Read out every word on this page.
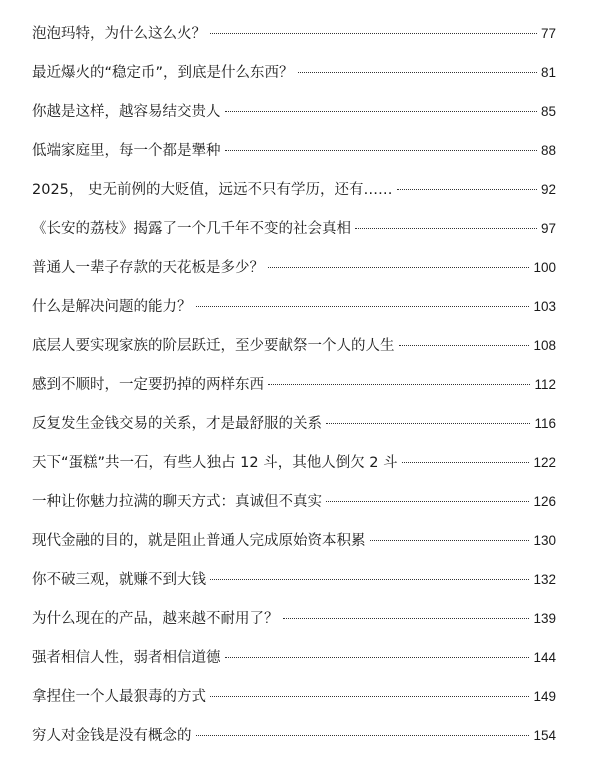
泡泡玛特，为什么这么火？	77
最近爆火的“稳定币”，到底是什么东西？	81
你越是这样，越容易结交贵人	85
低端家庭里，每一个都是犟种	88
2025， 史无前例的大贬值，远远不只有学历，还有……	92
《长安的荔枝》揭露了一个几千年不变的社会真相	97
普通人一辈子存款的天花板是多少？	100
什么是解决问题的能力？	103
底层人要实现家族的阶层跃迁，至少要献祭一个人的人生	108
感到不顺时，一定要扔掉的两样东西	112
反复发生金钱交易的关系，才是最舒服的关系	116
天下“蛋糕”共一石，有些人独占 12 斗，其他人倒欠 2 斗	122
一种让你魅力拉满的聊天方式：真诚但不真实	126
现代金融的目的，就是阻止普通人完成原始资本积累	130
你不破三观，就赚不到大钱	132
为什么现在的产品，越来越不耐用了？	139
强者相信人性，弱者相信道德	144
拿捏住一个人最狠毒的方式	149
穷人对金钱是没有概念的	154
